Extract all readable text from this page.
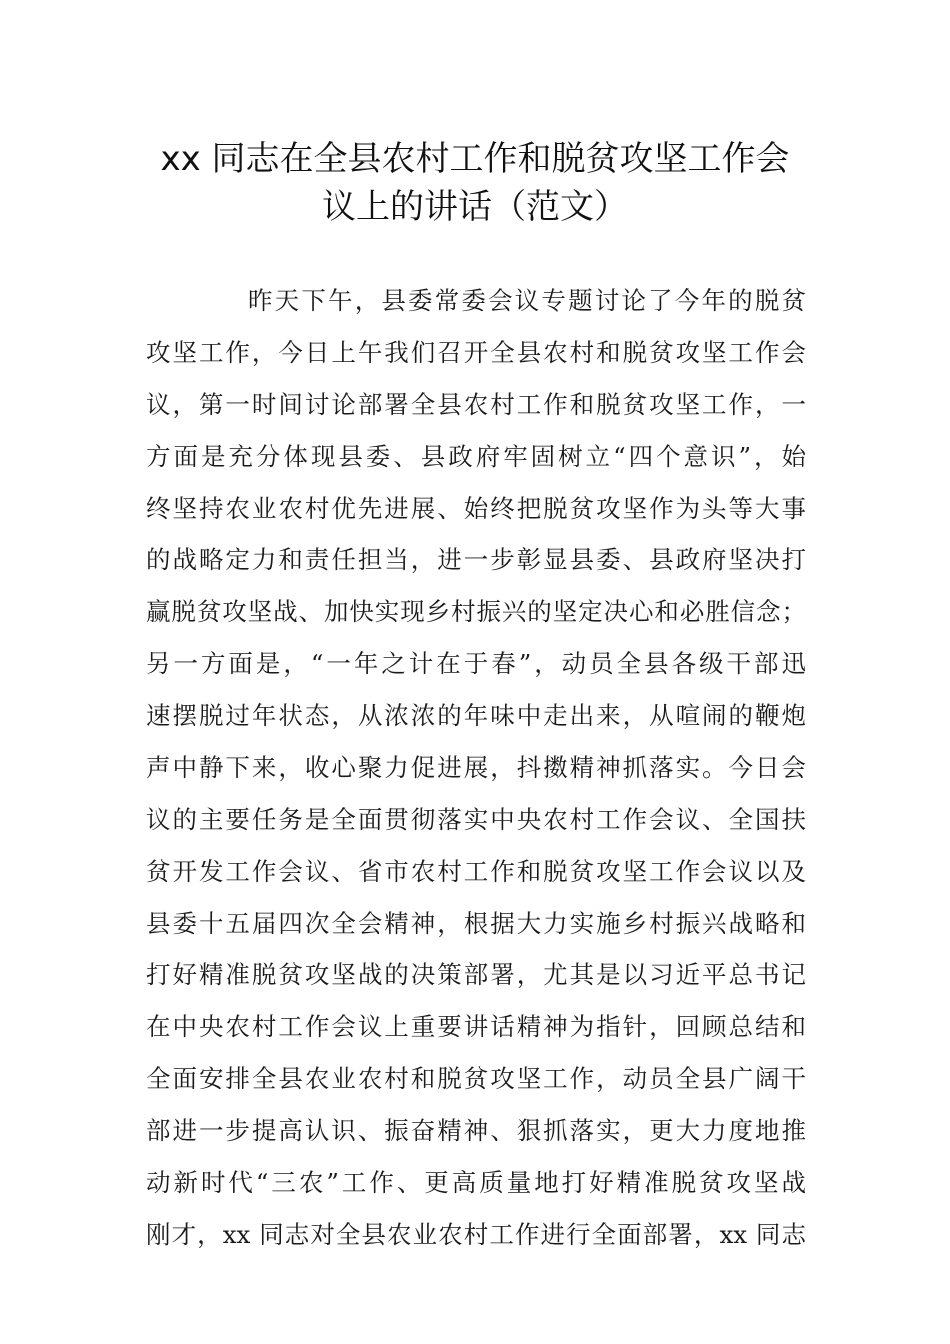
xx 同志在全县农村工作和脱贫攻坚工作会
议上的讲话（范文）
昨天下午，县委常委会议专题讨论了今年的脱贫
攻坚工作，今日上午我们召开全县农村和脱贫攻坚工作会
议，第一时间讨论部署全县农村工作和脱贫攻坚工作，一
方面是充分体现县委、县政府牢固树立“四个意识”，始
终坚持农业农村优先进展、始终把脱贫攻坚作为头等大事
的战略定力和责任担当，进一步彰显县委、县政府坚决打
赢脱贫攻坚战、加快实现乡村振兴的坚定决心和必胜信念；
另一方面是，“一年之计在于春”，动员全县各级干部迅
速摆脱过年状态，从浓浓的年味中走出来，从喧闹的鞭炮
声中静下来，收心聚力促进展，抖擞精神抓落实。今日会
议的主要任务是全面贯彻落实中央农村工作会议、全国扶
贫开发工作会议、省市农村工作和脱贫攻坚工作会议以及
县委十五届四次全会精神，根据大力实施乡村振兴战略和
打好精准脱贫攻坚战的决策部署，尤其是以习近平总书记
在中央农村工作会议上重要讲话精神为指针，回顾总结和
全面安排全县农业农村和脱贫攻坚工作，动员全县广阔干
部进一步提高认识、振奋精神、狠抓落实，更大力度地推
动新时代“三农”工作、更高质量地打好精准脱贫攻坚战
刚才，xx 同志对全县农业农村工作进行全面部署，xx 同志
